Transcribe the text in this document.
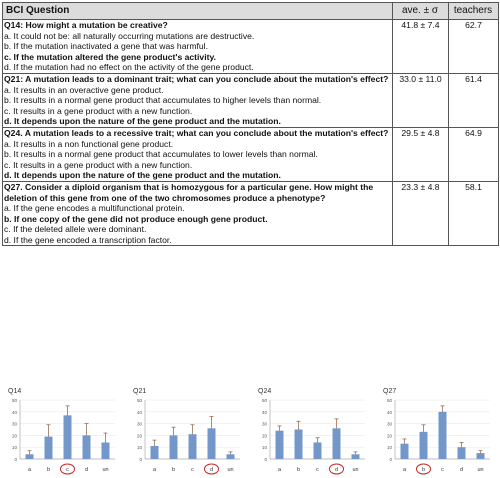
BCI Question	ave. ± σ	teachers

Q14: How might a mutation be creative?
a. It could not be: all naturally occurring mutations are destructive.
b. If the mutation inactivated a gene that was harmful.
c. If the mutation altered the gene product's activity.
d. If the mutation had no effect on the activity of the gene product.	41.8 ± 7.4	62.7

Q21: A mutation leads to a dominant trait; what can you conclude about the mutation's effect?
a. It results in an overactive gene product.
b. It results in a normal gene product that accumulates to higher levels than normal.
c. It results in a gene product with a new function.
d. It depends upon the nature of the gene product and the mutation.	33.0 ± 11.0	61.4

Q24. A mutation leads to a recessive trait; what can you conclude about the mutation's effect?
a. It results in a non functional gene product.
b. It results in a normal gene product that accumulates to lower levels than normal.
c. It results in a gene product with a new function.
d. It depends upon the nature of the gene product and the mutation.	29.5 ± 4.8	64.9

Q27. Consider a diploid organism that is homozygous for a particular gene. How might the deletion of this gene from one of the two chromosomes produce a phenotype?
a. If the gene encodes a multifunctional protein.
b. If one copy of the gene did not produce enough gene product.
c. If the deleted allele were dominant.
d. If the gene encoded a transcription factor.	23.3 ± 4.8	58.1
Q14
0
10
20
30
40
50
a	b	c	d	un
Q21
0
10
20
30
40
50
a	b	c	d	un
Q24
0
10
20
30
40
50
a	b	c	d	un
Q27
0
10
20
30
40
50
a	b	c	d	un
